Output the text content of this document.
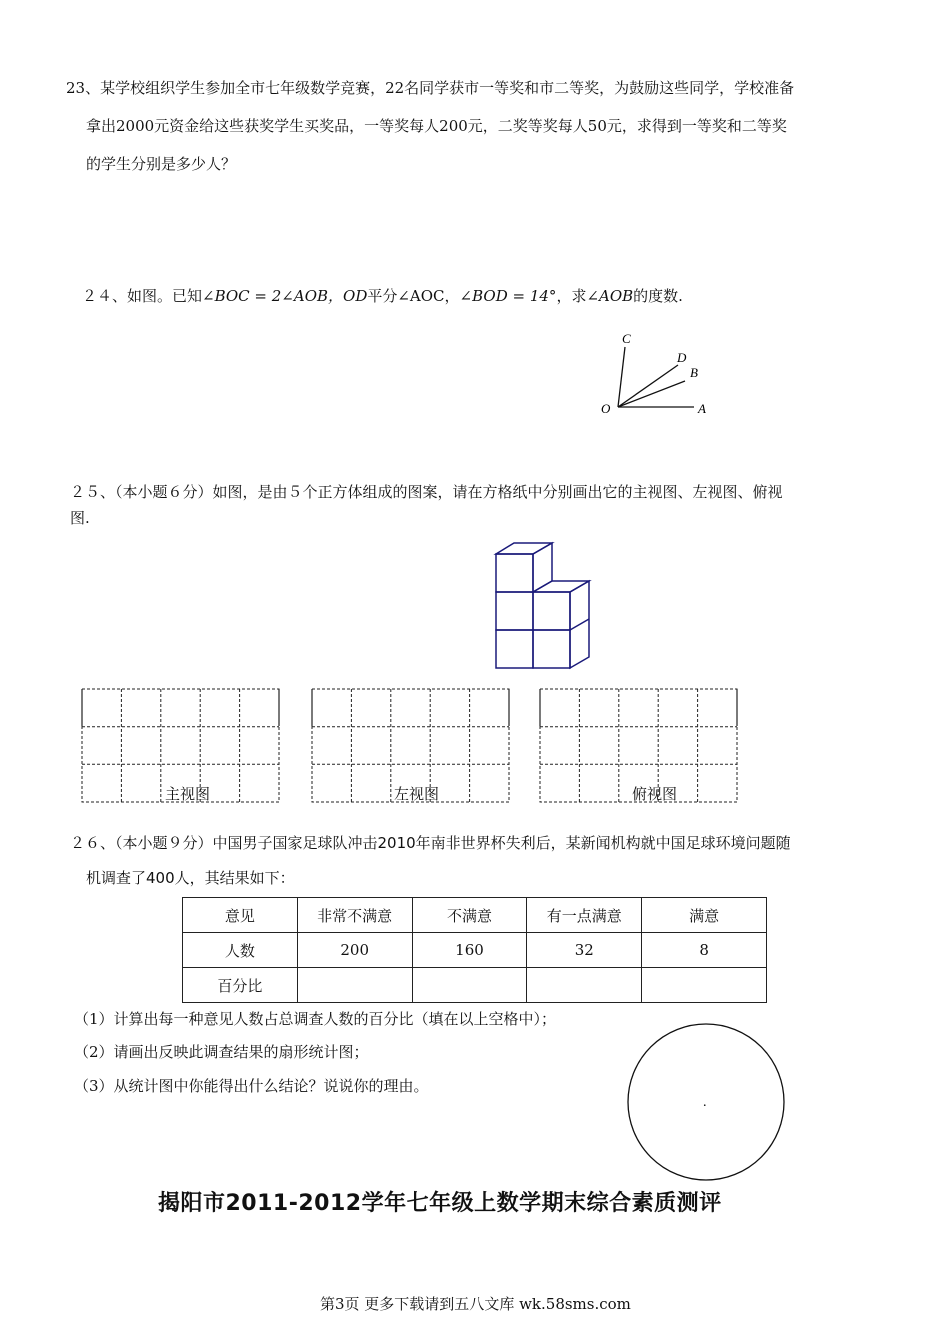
23、某学校组织学生参加全市七年级数学竞赛，22名同学获市一等奖和市二等奖，为鼓励这些同学，学校准备
拿出2000元资金给这些获奖学生买奖品，一等奖每人200元，二奖等奖每人50元，求得到一等奖和二等奖
的学生分别是多少人？
２４、如图。已知∠BOC = 2∠AOB，OD平分∠AOC，∠BOD = 14°，求∠AOB的度数.
C
D
B
O	A
２５、（本小题６分）如图，是由５个正方体组成的图案，请在方格纸中分别画出它的主视图、左视图、俯视
图.
主视图	左视图	俯视图
２６、（本小题９分）中国男子国家足球队冲击2010年南非世界杯失利后，某新闻机构就中国足球环境问题随
机调查了400人，其结果如下：
意见	非常不满意	不满意	有一点满意	满意
人数	200	160	32	8
百分比				
（1）计算出每一种意见人数占总调查人数的百分比（填在以上空格中）；
（2）请画出反映此调查结果的扇形统计图；
（3）从统计图中你能得出什么结论？说说你的理由。
.
揭阳市2011-2012学年七年级上数学期末综合素质测评
第3页 更多下载请到五八文库 wk.58sms.com
